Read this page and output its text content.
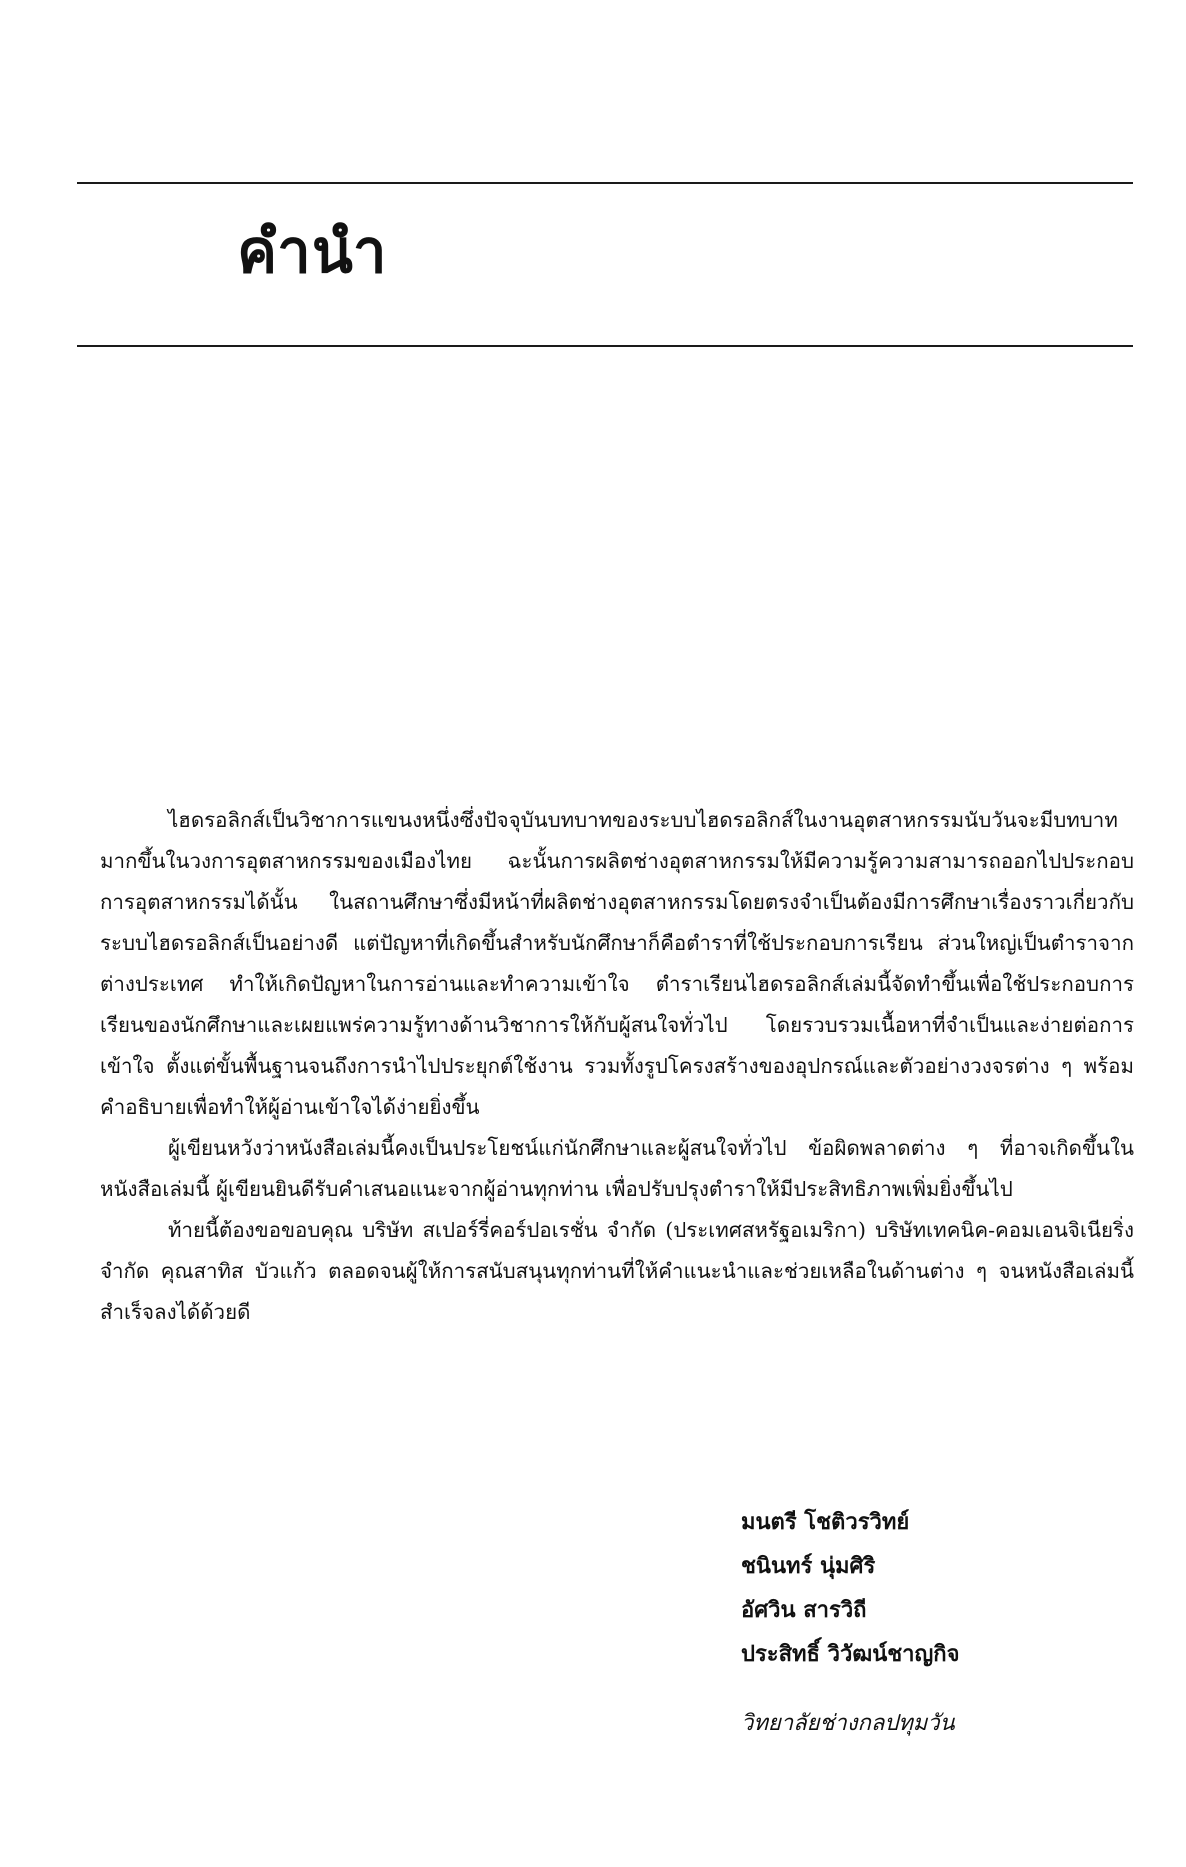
คำนำ

ไฮดรอลิกส์เป็นวิชาการแขนงหนึ่งซึ่งปัจจุบันบทบาทของระบบไฮดรอลิกส์ในงานอุตสาหกรรมนับวันจะมีบทบาทมากขึ้นในวงการอุตสาหกรรมของเมืองไทย ฉะนั้นการผลิตช่างอุตสาหกรรมให้มีความรู้ความสามารถออกไปประกอบการอุตสาหกรรมได้นั้น ในสถานศึกษาซึ่งมีหน้าที่ผลิตช่างอุตสาหกรรมโดยตรงจำเป็นต้องมีการศึกษาเรื่องราวเกี่ยวกับระบบไฮดรอลิกส์เป็นอย่างดี แต่ปัญหาที่เกิดขึ้นสำหรับนักศึกษาก็คือตำราที่ใช้ประกอบการเรียน ส่วนใหญ่เป็นตำราจากต่างประเทศ ทำให้เกิดปัญหาในการอ่านและทำความเข้าใจ ตำราเรียนไฮดรอลิกส์เล่มนี้จัดทำขึ้นเพื่อใช้ประกอบการเรียนของนักศึกษาและเผยแพร่ความรู้ทางด้านวิชาการให้กับผู้สนใจทั่วไป โดยรวบรวมเนื้อหาที่จำเป็นและง่ายต่อการเข้าใจ ตั้งแต่ขั้นพื้นฐานจนถึงการนำไปประยุกต์ใช้งาน รวมทั้งรูปโครงสร้างของอุปกรณ์และตัวอย่างวงจรต่าง ๆ พร้อมคำอธิบายเพื่อทำให้ผู้อ่านเข้าใจได้ง่ายยิ่งขึ้น

ผู้เขียนหวังว่าหนังสือเล่มนี้คงเป็นประโยชน์แก่นักศึกษาและผู้สนใจทั่วไป ข้อผิดพลาดต่าง ๆ ที่อาจเกิดขึ้นในหนังสือเล่มนี้ ผู้เขียนยินดีรับคำเสนอแนะจากผู้อ่านทุกท่าน เพื่อปรับปรุงตำราให้มีประสิทธิภาพเพิ่มยิ่งขึ้นไป

ท้ายนี้ต้องขอขอบคุณ บริษัท สเปอร์รี่คอร์ปอเรชั่น จำกัด (ประเทศสหรัฐอเมริกา) บริษัทเทคนิค-คอมเอนจิเนียริ่ง จำกัด คุณสาทิส บัวแก้ว ตลอดจนผู้ให้การสนับสนุนทุกท่านที่ให้คำแนะนำและช่วยเหลือในด้านต่าง ๆ จนหนังสือเล่มนี้สำเร็จลงได้ด้วยดี

มนตรี โชติวรวิทย์
ชนินทร์ นุ่มศิริ
อัศวิน สารวิถี
ประสิทธิ์ วิวัฒน์ชาญกิจ
วิทยาลัยช่างกลปทุมวัน
